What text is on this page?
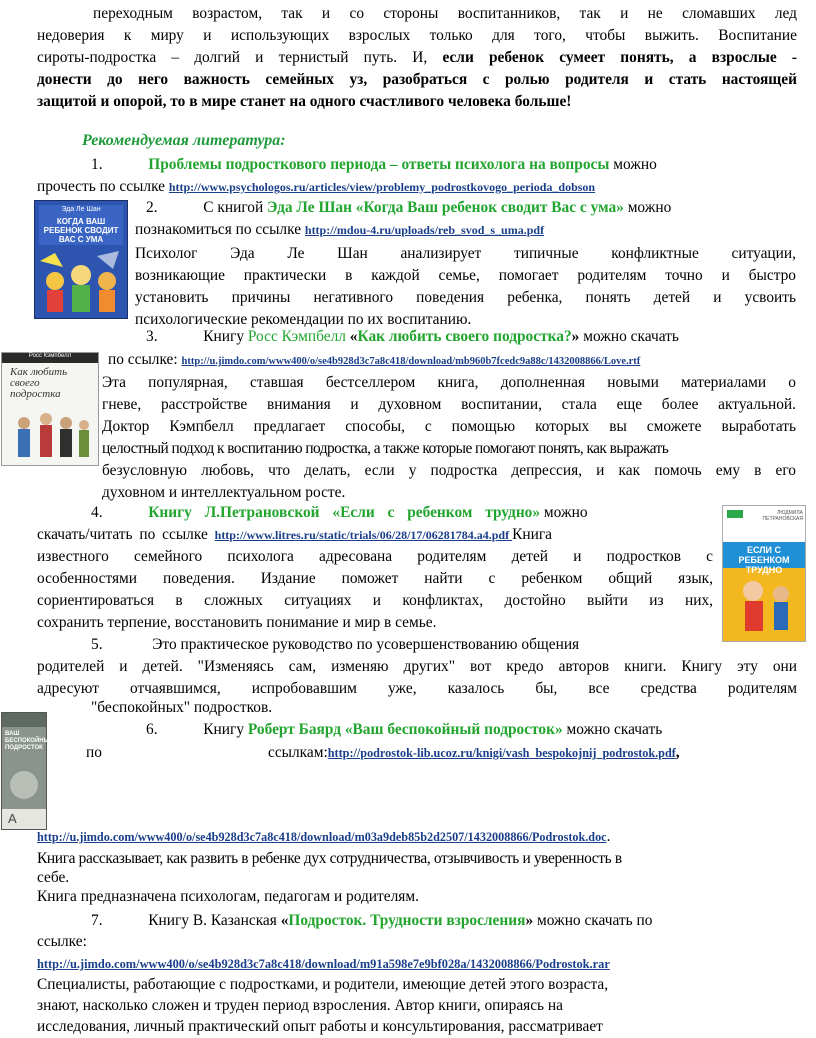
переходным возрастом, так и со стороны воспитанников, так и не сломавших лед
недоверия к миру и использующих взрослых только для того, чтобы выжить. Воспитание
сироты-подростка – долгий и тернистый путь. И, если ребенок сумеет понять, а взрослые -
донести до него важность семейных уз, разобраться с ролью родителя и стать настоящей
защитой и опорой, то в мире станет на одного счастливого человека больше!
Рекомендуемая литература:
1.	Проблемы подросткового периода – ответы психолога на вопросы можно
прочесть по ссылке http://www.psychologos.ru/articles/view/problemy_podrostkovogo_perioda_dobson
Эда Ле Шан
КОГДА ВАШ РЕБЕНОК СВОДИТ ВАС С УМА
2.	С книгой Эда Ле Шан «Когда Ваш ребенок сводит Вас с ума» можно
познакомиться по ссылке http://mdou-4.ru/uploads/reb_svod_s_uma.pdf
Психолог Эда Ле Шан анализирует типичные конфликтные ситуации,
возникающие практически в каждой семье, помогает родителям точно и быстро
установить причины негативного поведения ребенка, понять детей и усвоить
психологические рекомендации по их воспитанию.
Росс Кэмпбелл
Как любить своего подростка
3.	Книгу Росс Кэмпбелл «Как любить своего подростка?» можно скачать
по ссылке: http://u.jimdo.com/www400/o/se4b928d3c7a8c418/download/mb960b7fcedc9a88c/1432008866/Love.rtf
Эта популярная, ставшая бестселлером книга, дополненная новыми материалами о
гневе, расстройстве внимания и духовном воспитании, стала еще более актуальной.
Доктор Кэмпбелл предлагает способы, с помощью которых вы сможете выработать
целостный подход к воспитанию подростка, а также которые помогают понять, как выражать
безусловную любовь, что делать, если у подростка депрессия, и как помочь ему в его
духовном и интеллектуальном росте.
ЛЮДМИЛА ПЕТРАНОВСКАЯ
ЕСЛИ С РЕБЕНКОМ ТРУДНО
4.	Книгу Л.Петрановской «Если с ребенком трудно» можно
скачать/читать по ссылке http://www.litres.ru/static/trials/06/28/17/06281784.a4.pdf Книга
известного семейного психолога адресована родителям детей и подростков с
особенностями поведения. Издание поможет найти с ребенком общий язык,
сориентироваться в сложных ситуациях и конфликтах, достойно выйти из них,
сохранить терпение, восстановить понимание и мир в семье.
5.	Это практическое руководство по усовершенствованию общения
родителей и детей. "Изменяясь сам, изменяю других" вот кредо авторов книги. Книгу эту они
адресуют отчаявшимся, испробовавшим уже, казалось бы, все средства родителям
"беспокойных" подростков.
ВАШ БЕСПОКОЙНЫЙ ПОДРОСТОК
А
6.	Книгу Роберт Баярд «Ваш беспокойный подросток» можно скачать
по	ссылкам:http://podrostok-lib.ucoz.ru/knigi/vash_bespokojnij_podrostok.pdf,
http://u.jimdo.com/www400/o/se4b928d3c7a8c418/download/m03a9deb85b2d2507/1432008866/Podrostok.doc.
Книга рассказывает, как развить в ребенке дух сотрудничества, отзывчивость и уверенность в
себе.
Книга предназначена психологам, педагогам и родителям.
7.	Книгу В. Казанская «Подросток. Трудности взросления» можно скачать по
ссылке:
http://u.jimdo.com/www400/o/se4b928d3c7a8c418/download/m91a598e7e9bf028a/1432008866/Podrostok.rar
Специалисты, работающие с подростками, и родители, имеющие детей этого возраста,
знают, насколько сложен и труден период взросления. Автор книги, опираясь на
исследования, личный практический опыт работы и консультирования, рассматривает
